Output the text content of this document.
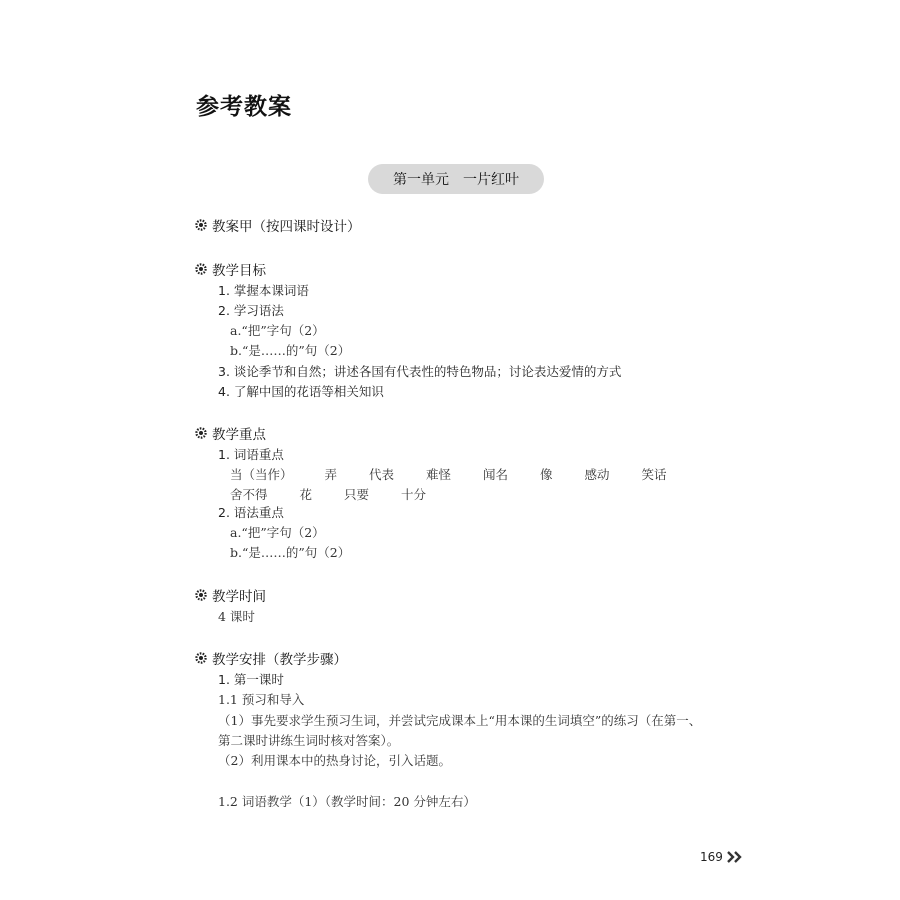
参考教案
第一单元　一片红叶
教案甲（按四课时设计）
教学目标
1. 掌握本课词语
2. 学习语法
a.“把”字句（2）
b.“是……的”句（2）
3. 谈论季节和自然；讲述各国有代表性的特色物品；讨论表达爱情的方式
4. 了解中国的花语等相关知识
教学重点
1. 词语重点
当（当作）	弄	代表	难怪	闻名	像	感动	笑话
舍不得	花	只要	十分
2. 语法重点
a.“把”字句（2）
b.“是……的”句（2）
教学时间
4 课时
教学安排（教学步骤）
1. 第一课时
1.1 预习和导入
（1）事先要求学生预习生词，并尝试完成课本上“用本课的生词填空”的练习（在第一、
第二课时讲练生词时核对答案）。
（2）利用课本中的热身讨论，引入话题。
1.2 词语教学（1）（教学时间：20 分钟左右）
169
